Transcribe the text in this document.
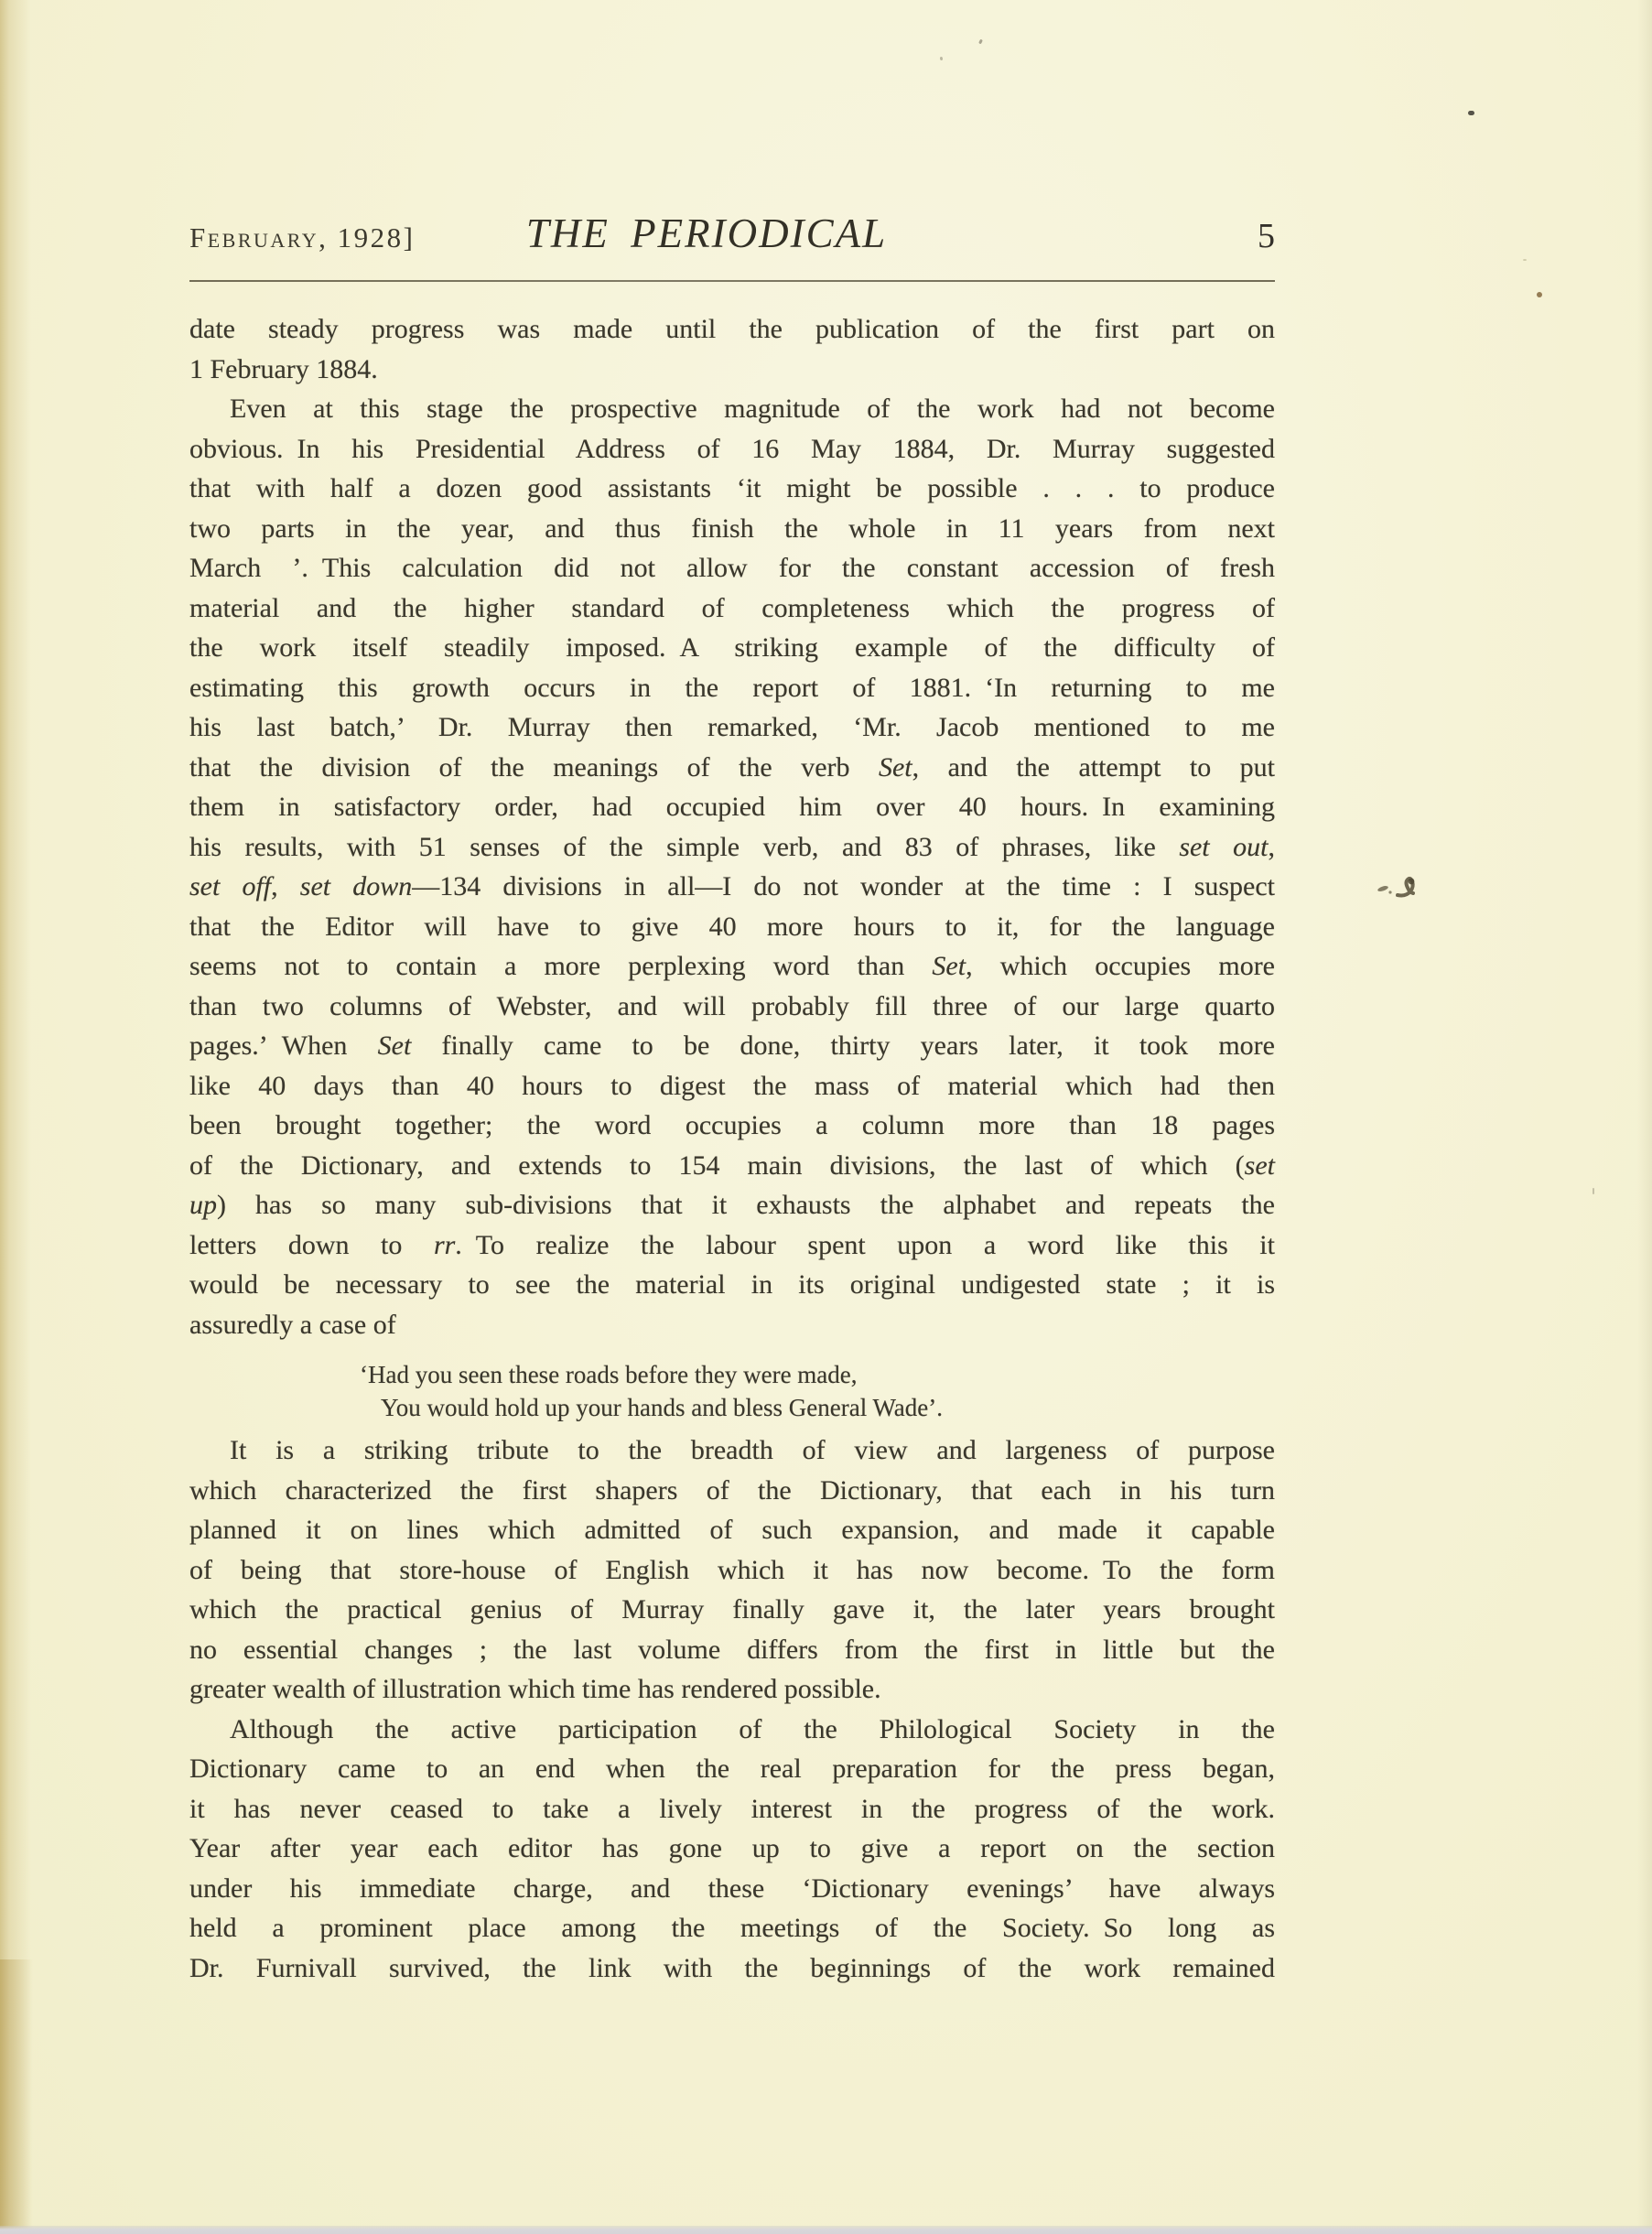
February, 1928]	THE PERIODICAL	5
date steady progress was made until the publication of the first part on
1 February 1884.
Even at this stage the prospective magnitude of the work had not become
obvious. In his Presidential Address of 16 May 1884, Dr. Murray suggested
that with half a dozen good assistants ‘it might be possible . . . to produce
two parts in the year, and thus finish the whole in 11 years from next
March ’. This calculation did not allow for the constant accession of fresh
material and the higher standard of completeness which the progress of
the work itself steadily imposed. A striking example of the difficulty of
estimating this growth occurs in the report of 1881. ‘In returning to me
his last batch,’ Dr. Murray then remarked, ‘Mr. Jacob mentioned to me
that the division of the meanings of the verb Set, and the attempt to put
them in satisfactory order, had occupied him over 40 hours. In examining
his results, with 51 senses of the simple verb, and 83 of phrases, like set out,
set off, set down—134 divisions in all—I do not wonder at the time : I suspect
that the Editor will have to give 40 more hours to it, for the language
seems not to contain a more perplexing word than Set, which occupies more
than two columns of Webster, and will probably fill three of our large quarto
pages.’ When Set finally came to be done, thirty years later, it took more
like 40 days than 40 hours to digest the mass of material which had then
been brought together; the word occupies a column more than 18 pages
of the Dictionary, and extends to 154 main divisions, the last of which (set
up) has so many sub-divisions that it exhausts the alphabet and repeats the
letters down to rr. To realize the labour spent upon a word like this it
would be necessary to see the material in its original undigested state ; it is
assuredly a case of
‘Had you seen these roads before they were made,
You would hold up your hands and bless General Wade’.
It is a striking tribute to the breadth of view and largeness of purpose
which characterized the first shapers of the Dictionary, that each in his turn
planned it on lines which admitted of such expansion, and made it capable
of being that store-house of English which it has now become. To the form
which the practical genius of Murray finally gave it, the later years brought
no essential changes ; the last volume differs from the first in little but the
greater wealth of illustration which time has rendered possible.
Although the active participation of the Philological Society in the
Dictionary came to an end when the real preparation for the press began,
it has never ceased to take a lively interest in the progress of the work.
Year after year each editor has gone up to give a report on the section
under his immediate charge, and these ‘Dictionary evenings’ have always
held a prominent place among the meetings of the Society. So long as
Dr. Furnivall survived, the link with the beginnings of the work remained
